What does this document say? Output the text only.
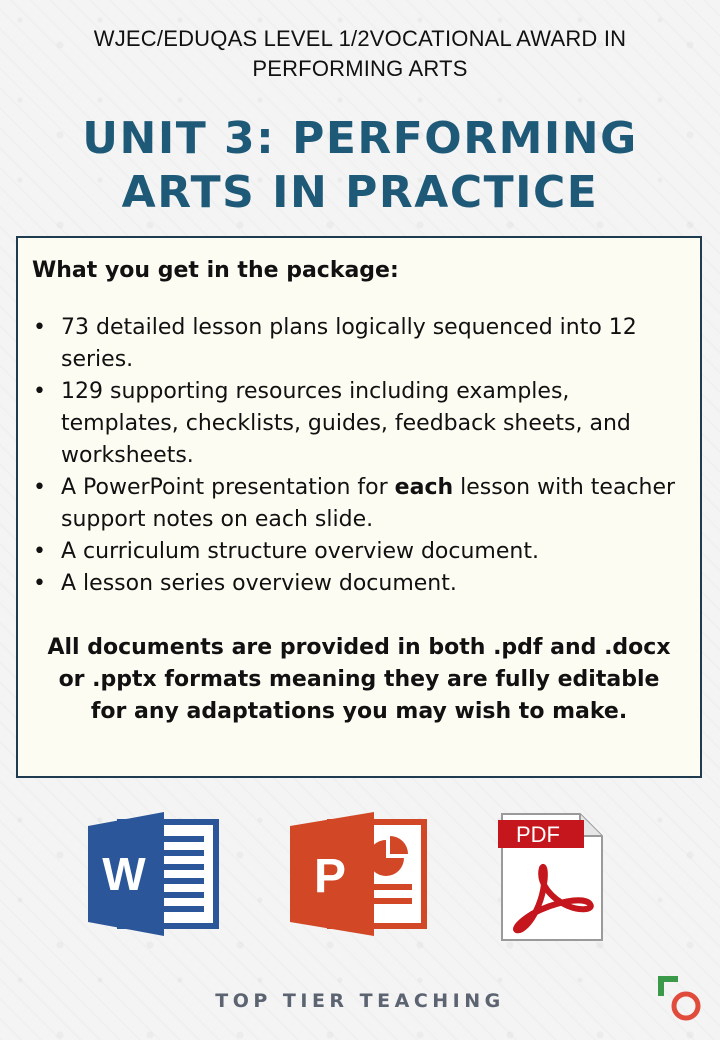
WJEC/EDUQAS LEVEL 1/2VOCATIONAL AWARD IN
PERFORMING ARTS
UNIT 3: PERFORMING
ARTS IN PRACTICE
What you get in the package:
• 73 detailed lesson plans logically sequenced into 12 series.
• 129 supporting resources including examples, templates, checklists, guides, feedback sheets, and worksheets.
• A PowerPoint presentation for each lesson with teacher support notes on each slide.
• A curriculum structure overview document.
• A lesson series overview document.
All documents are provided in both .pdf and .docx or .pptx formats meaning they are fully editable for any adaptations you may wish to make.
W	P
PDF
TOP TIER TEACHING
